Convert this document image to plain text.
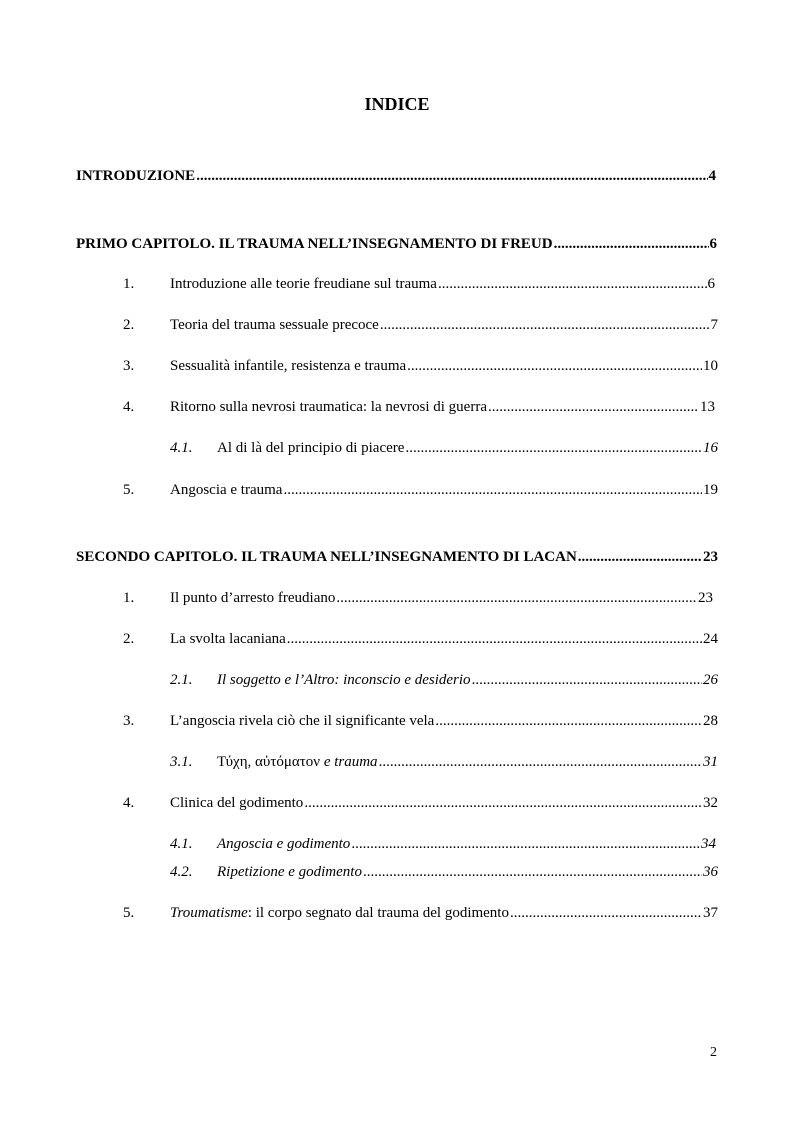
INDICE
INTRODUZIONE .....	4
PRIMO CAPITOLO. IL TRAUMA NELL’INSEGNAMENTO DI FREUD .....	6
1.	Introduzione alle teorie freudiane sul trauma .....	6
2.	Teoria del trauma sessuale precoce .....	7
3.	Sessualità infantile, resistenza e trauma .....	10
4.	Ritorno sulla nevrosi traumatica: la nevrosi di guerra .....	13
4.1.	Al di là del principio di piacere .....	16
5.	Angoscia e trauma .....	19
SECONDO CAPITOLO. IL TRAUMA NELL’INSEGNAMENTO DI LACAN .....	23
1.	Il punto d’arresto freudiano .....	23
2.	La svolta lacaniana .....	24
2.1.	Il soggetto e l’Altro: inconscio e desiderio .....	26
3.	L’angoscia rivela ciò che il significante vela .....	28
3.1.	Τύχη, αὐτόματον e trauma .....	31
4.	Clinica del godimento .....	32
4.1.	Angoscia e godimento .....	34
4.2.	Ripetizione e godimento .....	36
5.	Troumatisme : il corpo segnato dal trauma del godimento .....	37
2
